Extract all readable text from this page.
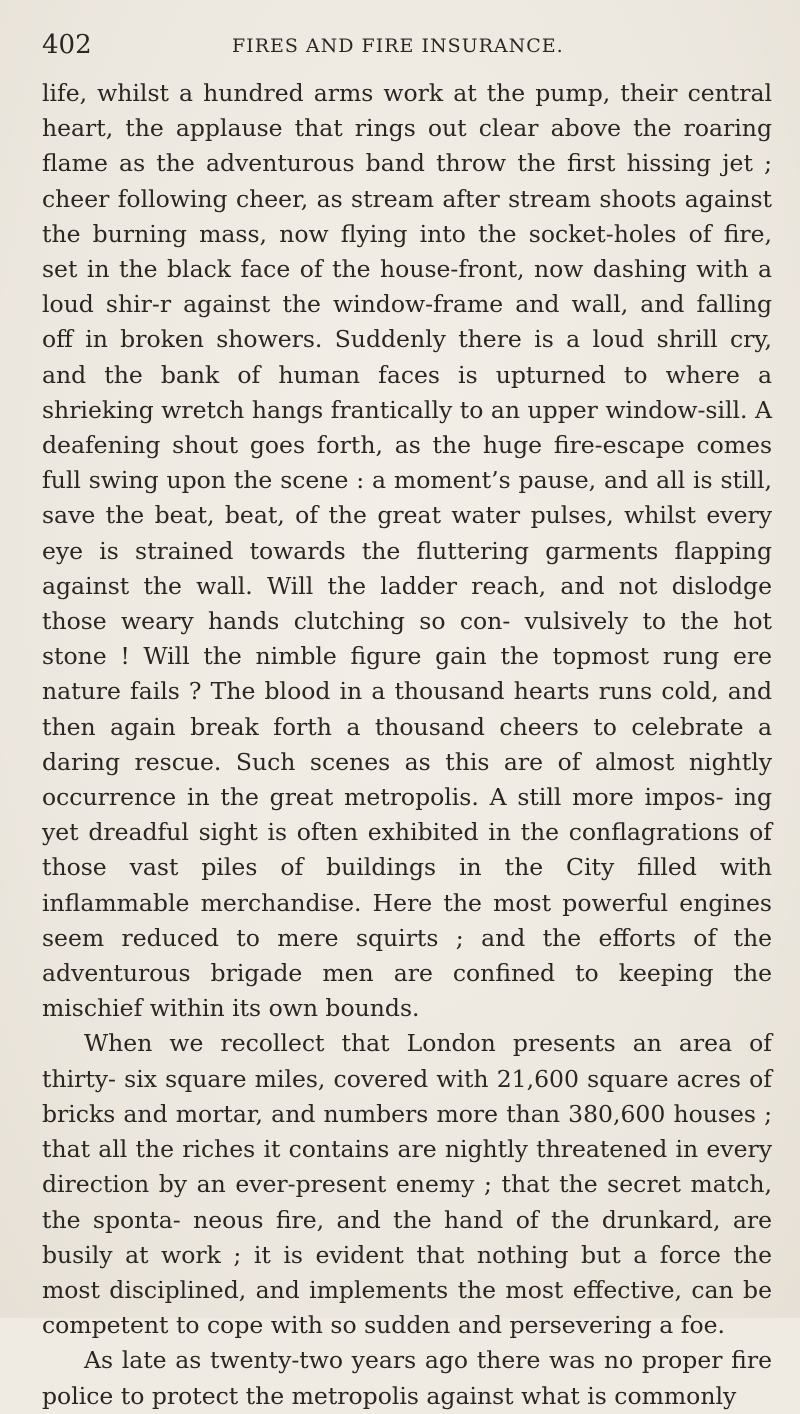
402	FIRES AND FIRE INSURANCE.

life, whilst a hundred arms work at the pump, their central heart, the applause that rings out clear above the roaring flame as the adventurous band throw the first hissing jet ; cheer following cheer, as stream after stream shoots against the burning mass, now flying into the socket-holes of fire, set in the black face of the house-front, now dashing with a loud shir-r against the window-frame and wall, and falling off in broken showers. Suddenly there is a loud shrill cry, and the bank of human faces is upturned to where a shrieking wretch hangs frantically to an upper window-sill. A deafening shout goes forth, as the huge fire-escape comes full swing upon the scene : a moment’s pause, and all is still, save the beat, beat, of the great water pulses, whilst every eye is strained towards the fluttering garments flapping against the wall. Will the ladder reach, and not dislodge those weary hands clutching so con- vulsively to the hot stone ! Will the nimble figure gain the topmost rung ere nature fails ? The blood in a thousand hearts runs cold, and then again break forth a thousand cheers to celebrate a daring rescue. Such scenes as this are of almost nightly occurrence in the great metropolis. A still more impos- ing yet dreadful sight is often exhibited in the conflagrations of those vast piles of buildings in the City filled with inflammable merchandise. Here the most powerful engines seem reduced to mere squirts ; and the efforts of the adventurous brigade men are confined to keeping the mischief within its own bounds.

When we recollect that London presents an area of thirty- six square miles, covered with 21,600 square acres of bricks and mortar, and numbers more than 380,600 houses ; that all the riches it contains are nightly threatened in every direction by an ever-present enemy ; that the secret match, the sponta- neous fire, and the hand of the drunkard, are busily at work ; it is evident that nothing but a force the most disciplined, and implements the most effective, can be competent to cope with so sudden and persevering a foe.

As late as twenty-two years ago there was no proper fire police to protect the metropolis against what is commonly
